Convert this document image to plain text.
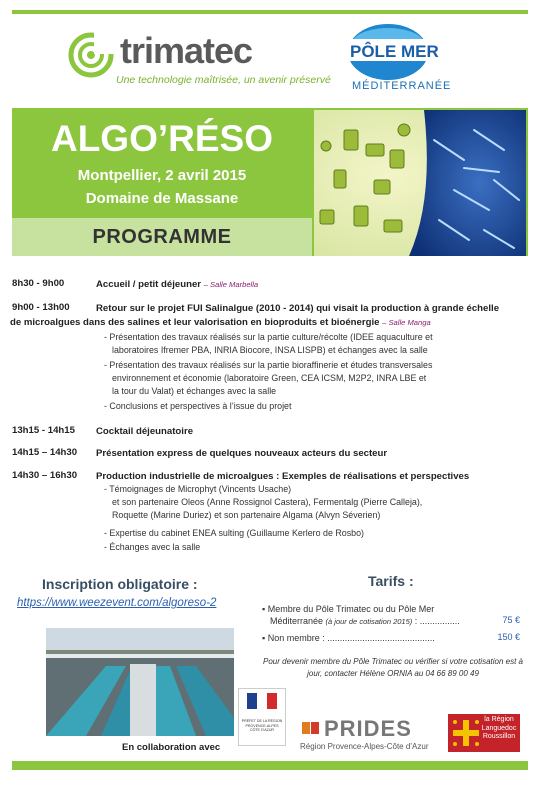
trimatec
Une technologie maîtrisée, un avenir préservé
PÔLE MER
MÉDITERRANÉE
ALGO’RÉSO
Montpellier, 2 avril 2015
Domaine de Massane
PROGRAMME
8h30 - 9h00	Accueil / petit déjeuner – Salle Marbella
9h00 - 13h00	Retour sur le projet FUI Salinalgue (2010 - 2014) qui visait la production à grande échelle
de microalgues dans des salines et leur valorisation en bioproduits et bioénergie – Salle Manga
- Présentation des travaux réalisés sur la partie culture/récolte (IDEE aquaculture et
laboratoires Ifremer PBA, INRIA Biocore, INSA LISPB) et échanges avec la salle
- Présentation des travaux réalisés sur la partie bioraffinerie et études transversales
environnement et économie (laboratoire Green, CEA ICSM, M2P2, INRA LBE et
la tour du Valat) et échanges avec la salle
- Conclusions et perspectives à l’issue du projet
13h15 - 14h15 Cocktail déjeunatoire
14h15 – 14h30 Présentation express de quelques nouveaux acteurs du secteur
14h30 – 16h30 Production industrielle de microalgues : Exemples de réalisations et perspectives
- Témoignages de Microphyt (Vincents Usache)
et son partenaire Oleos (Anne Rossignol Castera), Fermentalg (Pierre Calleja),
Roquette (Marine Duriez) et son partenaire Algama (Alvyn Séverien)
- Expertise du cabinet ENEA sulting (Guillaume Kerlero de Rosbo)
- Échanges avec la salle
Inscription obligatoire :
https://www.weezevent.com/algoreso-2
Tarifs :
▪ Membre du Pôle Trimatec ou du Pôle Mer
Méditerranée (à jour de cotisation 2015) : ................	75 €
▪ Non membre : ...........................................	150 €
Pour devenir membre du Pôle Trimatec ou vérifier si votre cotisation est à jour, contacter Hélène ORNIA au 04 66 89 00 49
En collaboration avec
PRÉFET DE LA RÉGION PROVENCE-ALPES CÔTE D'AZUR	PRIDES
Région Provence-Alpes-Côte d’Azur
la Région Languedoc Roussillon
